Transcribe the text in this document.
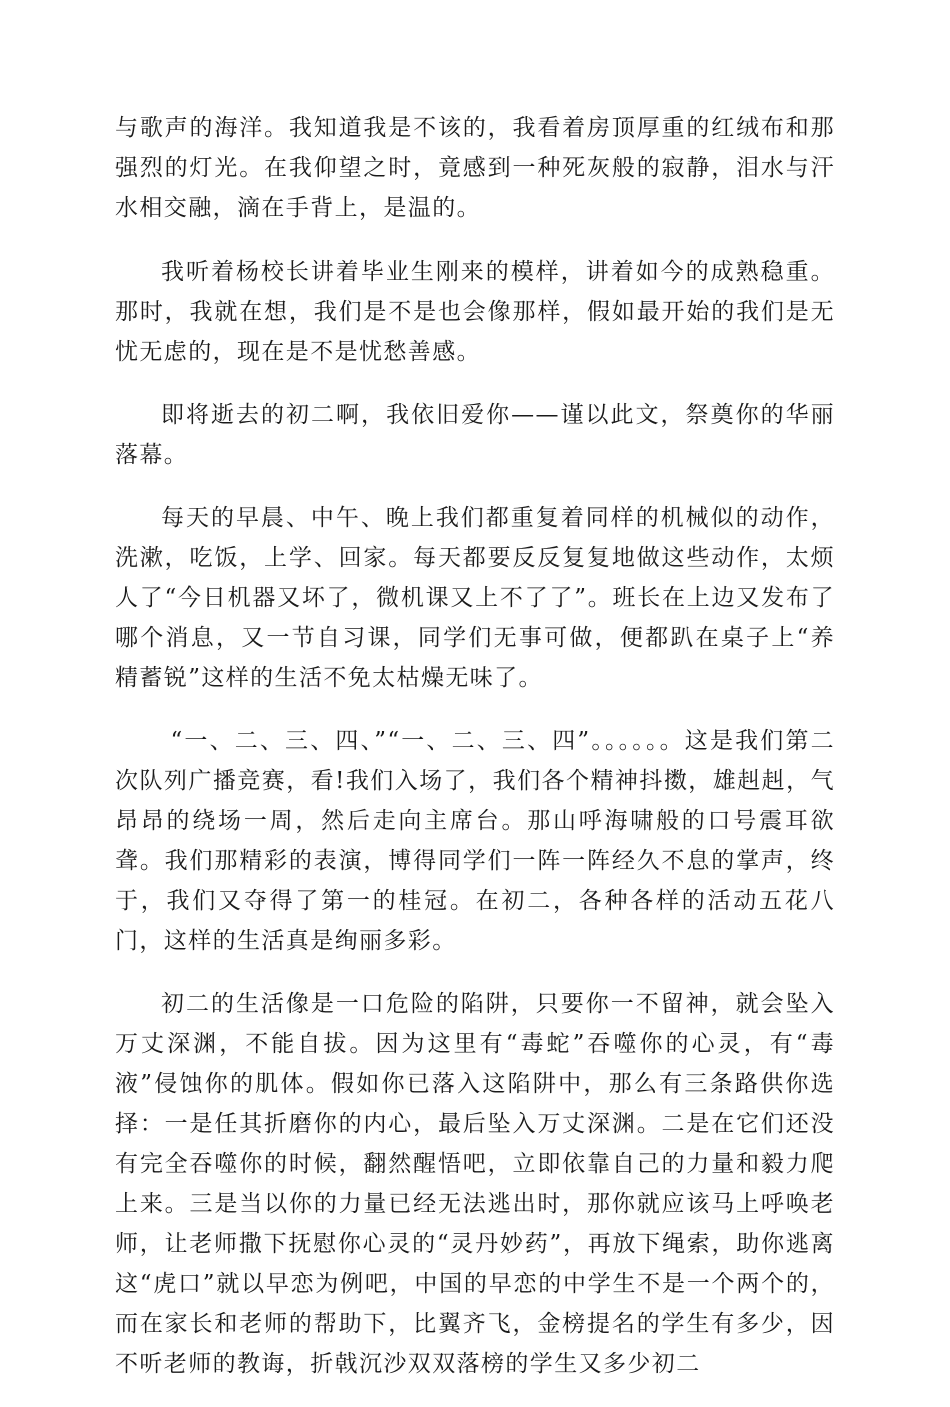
与歌声的海洋。我知道我是不该的，我看着房顶厚重的红绒布和那强烈的灯光。在我仰望之时，竟感到一种死灰般的寂静，泪水与汗水相交融，滴在手背上，是温的。

我听着杨校长讲着毕业生刚来的模样，讲着如今的成熟稳重。那时，我就在想，我们是不是也会像那样，假如最开始的我们是无忧无虑的，现在是不是忧愁善感。

即将逝去的初二啊，我依旧爱你——谨以此文，祭奠你的华丽落幕。

每天的早晨、中午、晚上我们都重复着同样的机械似的动作，洗漱，吃饭，上学、回家。每天都要反反复复地做这些动作，太烦人了“今日机器又坏了，微机课又上不了了”。班长在上边又发布了哪个消息，又一节自习课，同学们无事可做，便都趴在桌子上“养精蓄锐”这样的生活不免太枯燥无味了。

“一、二、三、四、”“一、二、三、四”。。。。。。这是我们第二次队列广播竞赛，看!我们入场了，我们各个精神抖擞，雄赳赳，气昂昂的绕场一周，然后走向主席台。那山呼海啸般的口号震耳欲聋。我们那精彩的表演，博得同学们一阵一阵经久不息的掌声，终于，我们又夺得了第一的桂冠。在初二，各种各样的活动五花八门，这样的生活真是绚丽多彩。

初二的生活像是一口危险的陷阱，只要你一不留神，就会坠入万丈深渊，不能自拔。因为这里有“毒蛇”吞噬你的心灵，有“毒液”侵蚀你的肌体。假如你已落入这陷阱中，那么有三条路供你选择：一是任其折磨你的内心，最后坠入万丈深渊。二是在它们还没有完全吞噬你的时候，翻然醒悟吧，立即依靠自己的力量和毅力爬上来。三是当以你的力量已经无法逃出时，那你就应该马上呼唤老师，让老师撒下抚慰你心灵的“灵丹妙药”，再放下绳索，助你逃离这“虎口”就以早恋为例吧，中国的早恋的中学生不是一个两个的，而在家长和老师的帮助下，比翼齐飞，金榜提名的学生有多少，因不听老师的教诲，折戟沉沙双双落榜的学生又多少初二
